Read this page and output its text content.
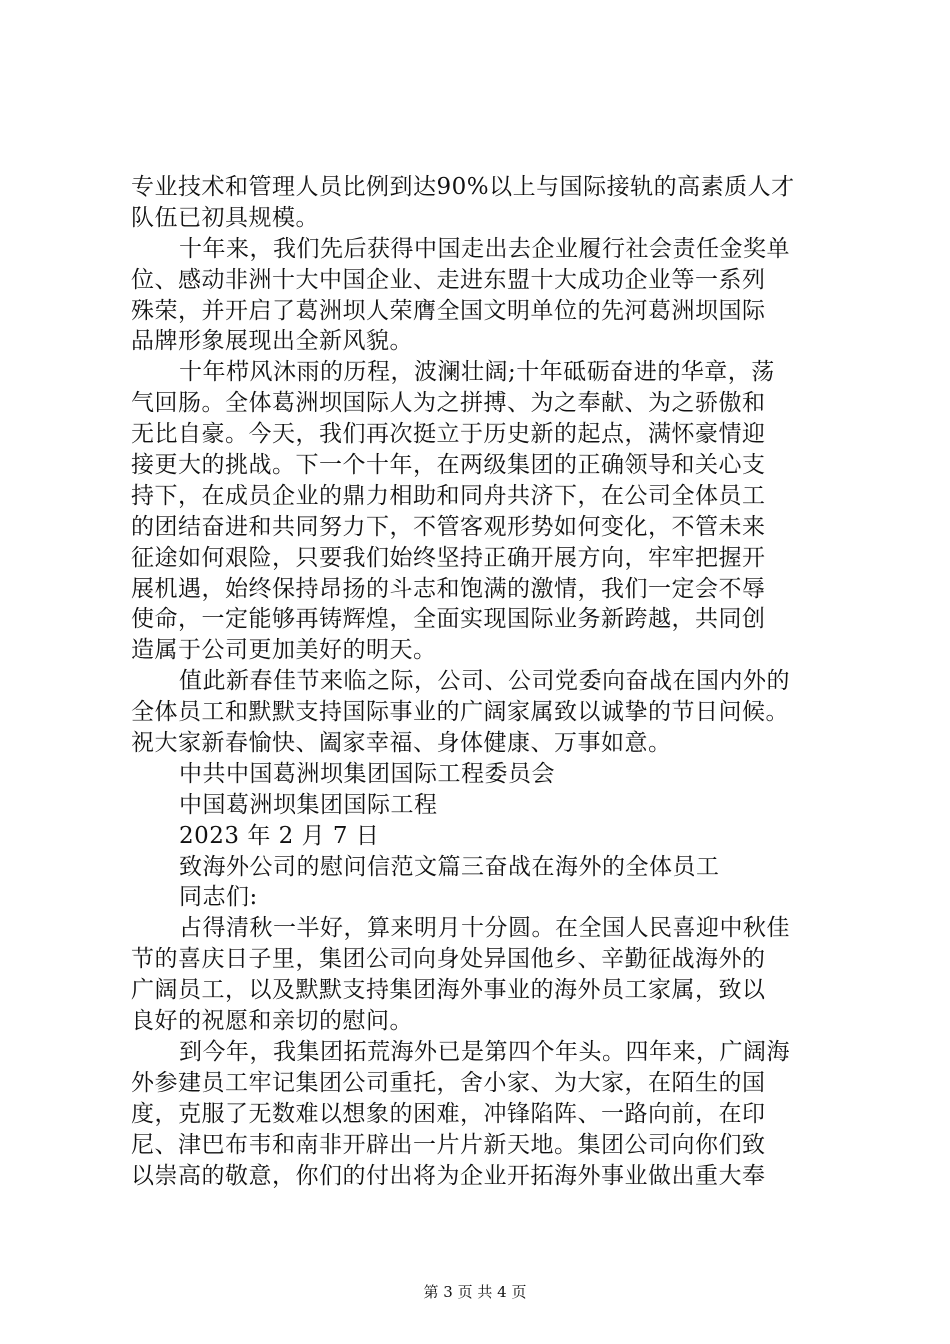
专业技术和管理人员比例到达90%以上与国际接轨的高素质人才
队伍已初具规模。
十年来，我们先后获得中国走出去企业履行社会责任金奖单
位、感动非洲十大中国企业、走进东盟十大成功企业等一系列
殊荣，并开启了葛洲坝人荣膺全国文明单位的先河葛洲坝国际
品牌形象展现出全新风貌。
十年栉风沐雨的历程，波澜壮阔;十年砥砺奋进的华章，荡
气回肠。全体葛洲坝国际人为之拼搏、为之奉献、为之骄傲和
无比自豪。今天，我们再次挺立于历史新的起点，满怀豪情迎
接更大的挑战。下一个十年，在两级集团的正确领导和关心支
持下，在成员企业的鼎力相助和同舟共济下，在公司全体员工
的团结奋进和共同努力下，不管客观形势如何变化，不管未来
征途如何艰险，只要我们始终坚持正确开展方向，牢牢把握开
展机遇，始终保持昂扬的斗志和饱满的激情，我们一定会不辱
使命，一定能够再铸辉煌，全面实现国际业务新跨越，共同创
造属于公司更加美好的明天。
值此新春佳节来临之际，公司、公司党委向奋战在国内外的
全体员工和默默支持国际事业的广阔家属致以诚挚的节日问候。
祝大家新春愉快、阖家幸福、身体健康、万事如意。
中共中国葛洲坝集团国际工程委员会
中国葛洲坝集团国际工程
2023 年 2 月 7 日
致海外公司的慰问信范文篇三奋战在海外的全体员工
同志们:
占得清秋一半好，算来明月十分圆。在全国人民喜迎中秋佳
节的喜庆日子里，集团公司向身处异国他乡、辛勤征战海外的
广阔员工，以及默默支持集团海外事业的海外员工家属，致以
良好的祝愿和亲切的慰问。
到今年，我集团拓荒海外已是第四个年头。四年来，广阔海
外参建员工牢记集团公司重托，舍小家、为大家，在陌生的国
度，克服了无数难以想象的困难，冲锋陷阵、一路向前，在印
尼、津巴布韦和南非开辟出一片片新天地。集团公司向你们致
以崇高的敬意，你们的付出将为企业开拓海外事业做出重大奉
第 3 页 共 4 页
